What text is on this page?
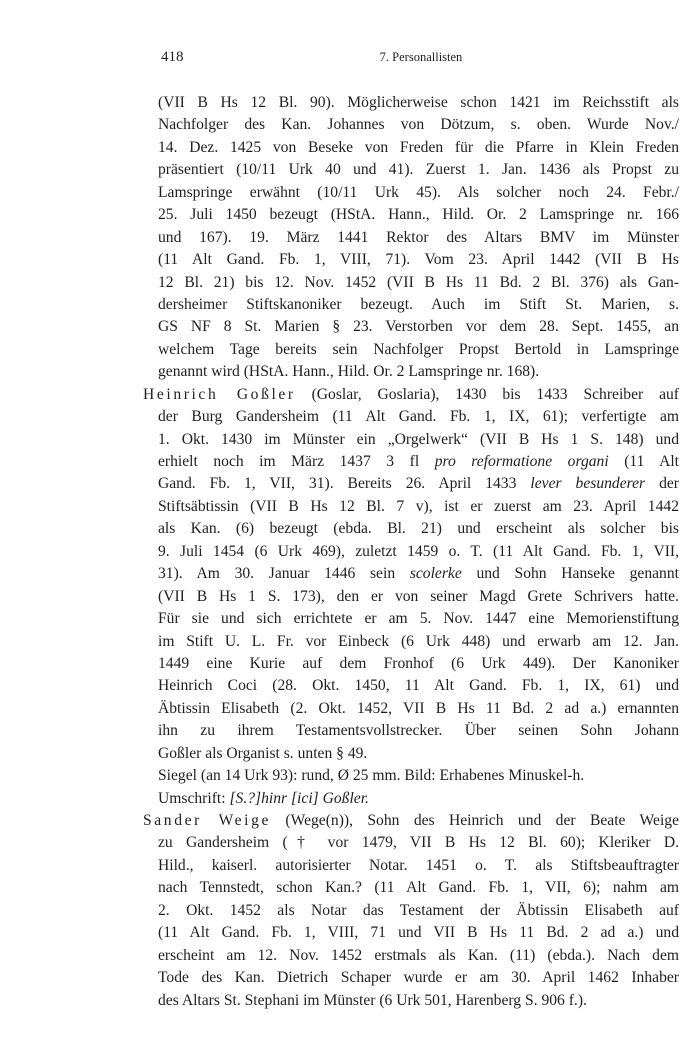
418	7. Personallisten
(VII B Hs 12 Bl. 90). Möglicherweise schon 1421 im Reichsstift als
Nachfolger des Kan. Johannes von Dötzum, s. oben. Wurde Nov./
14. Dez. 1425 von Beseke von Freden für die Pfarre in Klein Freden
präsentiert (10/11 Urk 40 und 41). Zuerst 1. Jan. 1436 als Propst zu
Lamspringe erwähnt (10/11 Urk 45). Als solcher noch 24. Febr./
25. Juli 1450 bezeugt (HStA. Hann., Hild. Or. 2 Lamspringe nr. 166
und 167). 19. März 1441 Rektor des Altars BMV im Münster
(11 Alt Gand. Fb. 1, VIII, 71). Vom 23. April 1442 (VII B Hs
12 Bl. 21) bis 12. Nov. 1452 (VII B Hs 11 Bd. 2 Bl. 376) als Gan-
dersheimer Stiftskanoniker bezeugt. Auch im Stift St. Marien, s.
GS NF 8 St. Marien § 23. Verstorben vor dem 28. Sept. 1455, an
welchem Tage bereits sein Nachfolger Propst Bertold in Lamspringe
genannt wird (HStA. Hann., Hild. Or. 2 Lamspringe nr. 168).
Heinrich Goßler (Goslar, Goslaria), 1430 bis 1433 Schreiber auf
der Burg Gandersheim (11 Alt Gand. Fb. 1, IX, 61); verfertigte am
1. Okt. 1430 im Münster ein „Orgelwerk“ (VII B Hs 1 S. 148) und
erhielt noch im März 1437 3 fl pro reformatione organi (11 Alt
Gand. Fb. 1, VII, 31). Bereits 26. April 1433 lever besunderer der
Stiftsäbtissin (VII B Hs 12 Bl. 7 v), ist er zuerst am 23. April 1442
als Kan. (6) bezeugt (ebda. Bl. 21) und erscheint als solcher bis
9. Juli 1454 (6 Urk 469), zuletzt 1459 o. T. (11 Alt Gand. Fb. 1, VII,
31). Am 30. Januar 1446 sein scolerke und Sohn Hanseke genannt
(VII B Hs 1 S. 173), den er von seiner Magd Grete Schrivers hatte.
Für sie und sich errichtete er am 5. Nov. 1447 eine Memorienstiftung
im Stift U. L. Fr. vor Einbeck (6 Urk 448) und erwarb am 12. Jan.
1449 eine Kurie auf dem Fronhof (6 Urk 449). Der Kanoniker
Heinrich Coci (28. Okt. 1450, 11 Alt Gand. Fb. 1, IX, 61) und
Äbtissin Elisabeth (2. Okt. 1452, VII B Hs 11 Bd. 2 ad a.) ernannten
ihn zu ihrem Testamentsvollstrecker. Über seinen Sohn Johann
Goßler als Organist s. unten § 49.
Siegel (an 14 Urk 93): rund, Ø 25 mm. Bild: Erhabenes Minuskel-h.
Umschrift: [S.?]hinr [ici] Goßler.
Sander Weige (Wege(n)), Sohn des Heinrich und der Beate Weige
zu Gandersheim († vor 1479, VII B Hs 12 Bl. 60); Kleriker D.
Hild., kaiserl. autorisierter Notar. 1451 o. T. als Stiftsbeauftragter
nach Tennstedt, schon Kan.? (11 Alt Gand. Fb. 1, VII, 6); nahm am
2. Okt. 1452 als Notar das Testament der Äbtissin Elisabeth auf
(11 Alt Gand. Fb. 1, VIII, 71 und VII B Hs 11 Bd. 2 ad a.) und
erscheint am 12. Nov. 1452 erstmals als Kan. (11) (ebda.). Nach dem
Tode des Kan. Dietrich Schaper wurde er am 30. April 1462 Inhaber
des Altars St. Stephani im Münster (6 Urk 501, Harenberg S. 906 f.).
